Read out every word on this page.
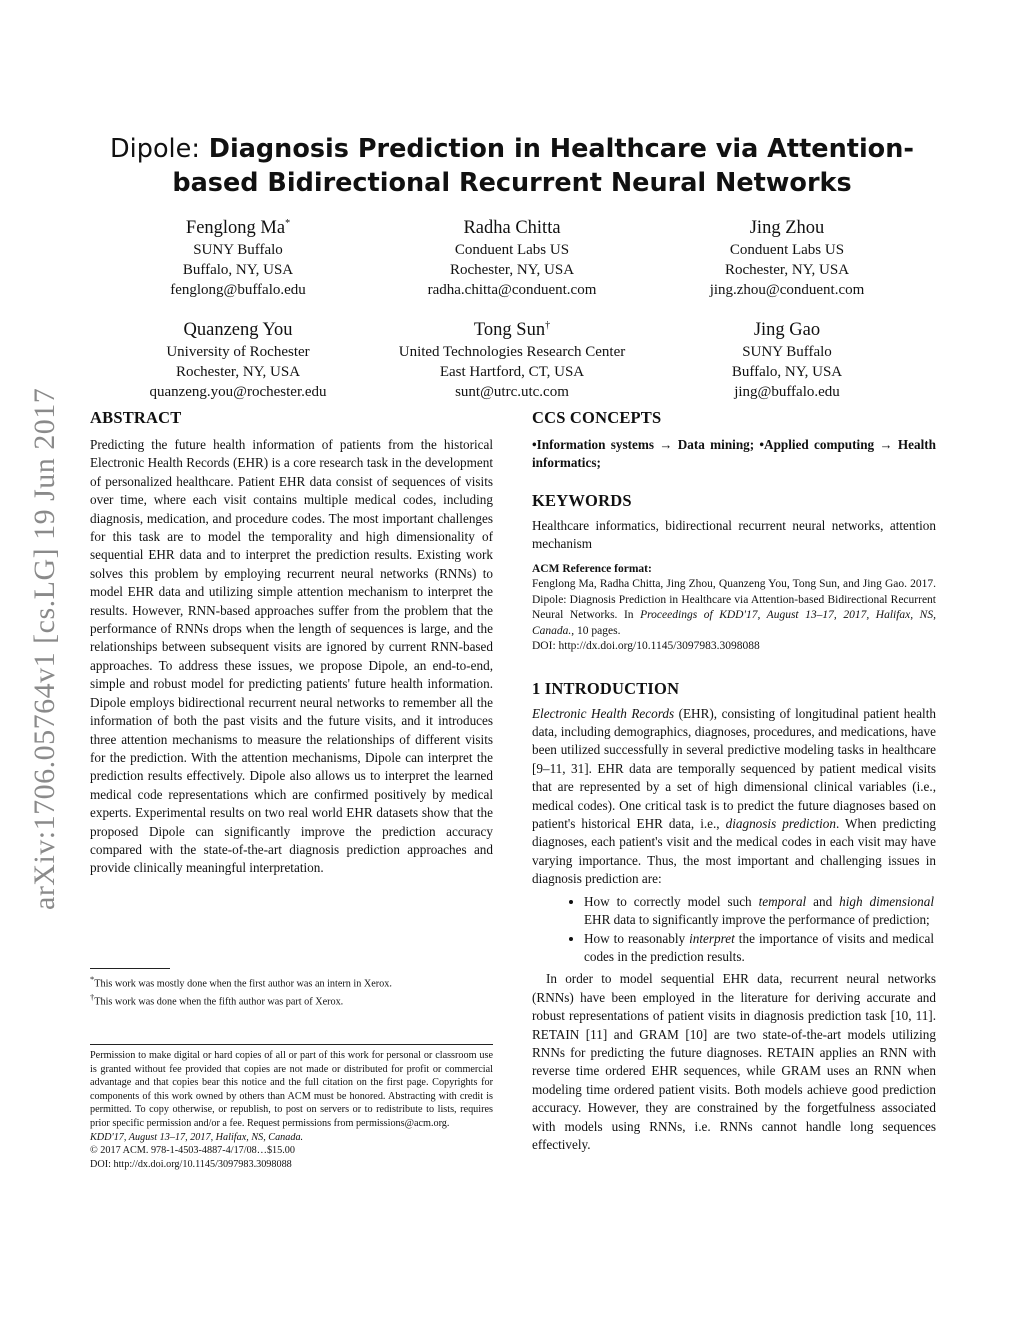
arXiv:1706.05764v1 [cs.LG] 19 Jun 2017
Dipole: Diagnosis Prediction in Healthcare via Attention-based Bidirectional Recurrent Neural Networks
Fenglong Ma*
SUNY Buffalo
Buffalo, NY, USA
fenglong@buffalo.edu
Radha Chitta
Conduent Labs US
Rochester, NY, USA
radha.chitta@conduent.com
Jing Zhou
Conduent Labs US
Rochester, NY, USA
jing.zhou@conduent.com
Quanzeng You
University of Rochester
Rochester, NY, USA
quanzeng.you@rochester.edu
Tong Sun†
United Technologies Research Center
East Hartford, CT, USA
sunt@utrc.utc.com
Jing Gao
SUNY Buffalo
Buffalo, NY, USA
jing@buffalo.edu
ABSTRACT

Predicting the future health information of patients from the historical Electronic Health Records (EHR) is a core research task in the development of personalized healthcare. Patient EHR data consist of sequences of visits over time, where each visit contains multiple medical codes, including diagnosis, medication, and procedure codes. The most important challenges for this task are to model the temporality and high dimensionality of sequential EHR data and to interpret the prediction results. Existing work solves this problem by employing recurrent neural networks (RNNs) to model EHR data and utilizing simple attention mechanism to interpret the results. However, RNN-based approaches suffer from the problem that the performance of RNNs drops when the length of sequences is large, and the relationships between subsequent visits are ignored by current RNN-based approaches. To address these issues, we propose Dipole, an end-to-end, simple and robust model for predicting patients' future health information. Dipole employs bidirectional recurrent neural networks to remember all the information of both the past visits and the future visits, and it introduces three attention mechanisms to measure the relationships of different visits for the prediction. With the attention mechanisms, Dipole can interpret the prediction results effectively. Dipole also allows us to interpret the learned medical code representations which are confirmed positively by medical experts. Experimental results on two real world EHR datasets show that the proposed Dipole can significantly improve the prediction accuracy compared with the state-of-the-art diagnosis prediction approaches and provide clinically meaningful interpretation.

*This work was mostly done when the first author was an intern in Xerox.

†This work was done when the fifth author was part of Xerox.

Permission to make digital or hard copies of all or part of this work for personal or classroom use is granted without fee provided that copies are not made or distributed for profit or commercial advantage and that copies bear this notice and the full citation on the first page. Copyrights for components of this work owned by others than ACM must be honored. Abstracting with credit is permitted. To copy otherwise, or republish, to post on servers or to redistribute to lists, requires prior specific permission and/or a fee. Request permissions from permissions@acm.org.

KDD'17, August 13–17, 2017, Halifax, NS, Canada.

© 2017 ACM. 978-1-4503-4887-4/17/08…$15.00

DOI: http://dx.doi.org/10.1145/3097983.3098088

CCS CONCEPTS

•Information systems → Data mining; •Applied computing → Health informatics;

KEYWORDS

Healthcare informatics, bidirectional recurrent neural networks, attention mechanism

ACM Reference format:

Fenglong Ma, Radha Chitta, Jing Zhou, Quanzeng You, Tong Sun, and Jing Gao. 2017. Dipole: Diagnosis Prediction in Healthcare via Attention-based Bidirectional Recurrent Neural Networks. In Proceedings of KDD'17, August 13–17, 2017, Halifax, NS, Canada., 10 pages.

DOI: http://dx.doi.org/10.1145/3097983.3098088

1 INTRODUCTION

Electronic Health Records (EHR), consisting of longitudinal patient health data, including demographics, diagnoses, procedures, and medications, have been utilized successfully in several predictive modeling tasks in healthcare [9–11, 31]. EHR data are temporally sequenced by patient medical visits that are represented by a set of high dimensional clinical variables (i.e., medical codes). One critical task is to predict the future diagnoses based on patient's historical EHR data, i.e., diagnosis prediction. When predicting diagnoses, each patient's visit and the medical codes in each visit may have varying importance. Thus, the most important and challenging issues in diagnosis prediction are:

• How to correctly model such temporal and high dimensional EHR data to significantly improve the performance of prediction;
• How to reasonably interpret the importance of visits and medical codes in the prediction results.

In order to model sequential EHR data, recurrent neural networks (RNNs) have been employed in the literature for deriving accurate and robust representations of patient visits in diagnosis prediction task [10, 11]. RETAIN [11] and GRAM [10] are two state-of-the-art models utilizing RNNs for predicting the future diagnoses. RETAIN applies an RNN with reverse time ordered EHR sequences, while GRAM uses an RNN when modeling time ordered patient visits. Both models achieve good prediction accuracy. However, they are constrained by the forgetfulness associated with models using RNNs, i.e. RNNs cannot handle long sequences effectively.
